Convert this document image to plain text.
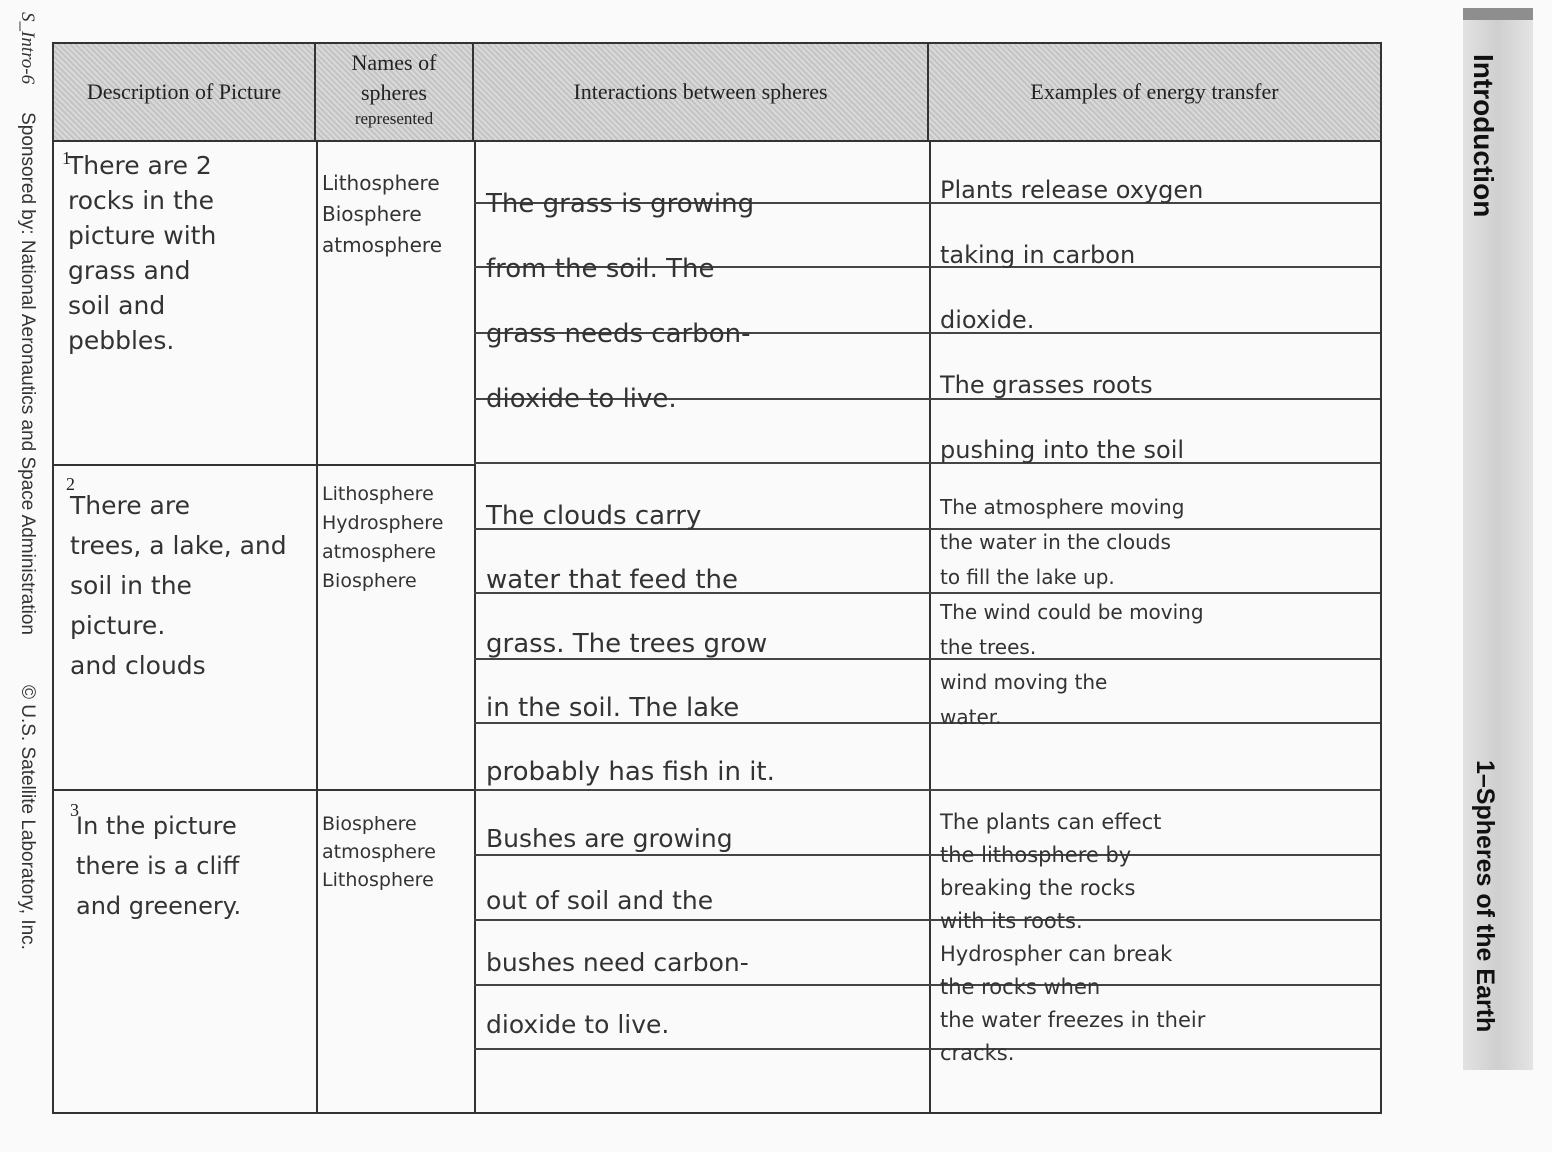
S_Intro-6Sponsored by: National Aeronautics and Space Administration© U.S. Satellite Laboratory, Inc.
Introduction
1–Spheres of the Earth
Description of Picture
Names of
spheres
represented
Interactions between spheres	Examples of energy transfer
1
There are 2
rocks in the
picture with
grass and
soil and
pebbles.
Lithosphere
Biosphere
atmosphere
The grass is growing
from the soil. The
grass needs carbon-
dioxide to live.
Plants release oxygen
taking in carbon
dioxide.
The grasses roots
pushing into the soil
2
There are
trees, a lake, and
soil in the
picture.
and clouds
Lithosphere
Hydrosphere
atmosphere
Biosphere
The clouds carry
water that feed the
grass. The trees grow
in the soil. The lake
probably has fish in it.
The atmosphere moving
the water in the clouds
to fill the lake up.
The wind could be moving
the trees.
wind moving the
water.
3
In the picture
there is a cliff
and greenery.
Biosphere
atmosphere
Lithosphere
Bushes are growing
out of soil and the
bushes need carbon-
dioxide to live.
The plants can effect
the lithosphere by
breaking the rocks
with its roots.
Hydrospher can break
the rocks when
the water freezes in their
cracks.
